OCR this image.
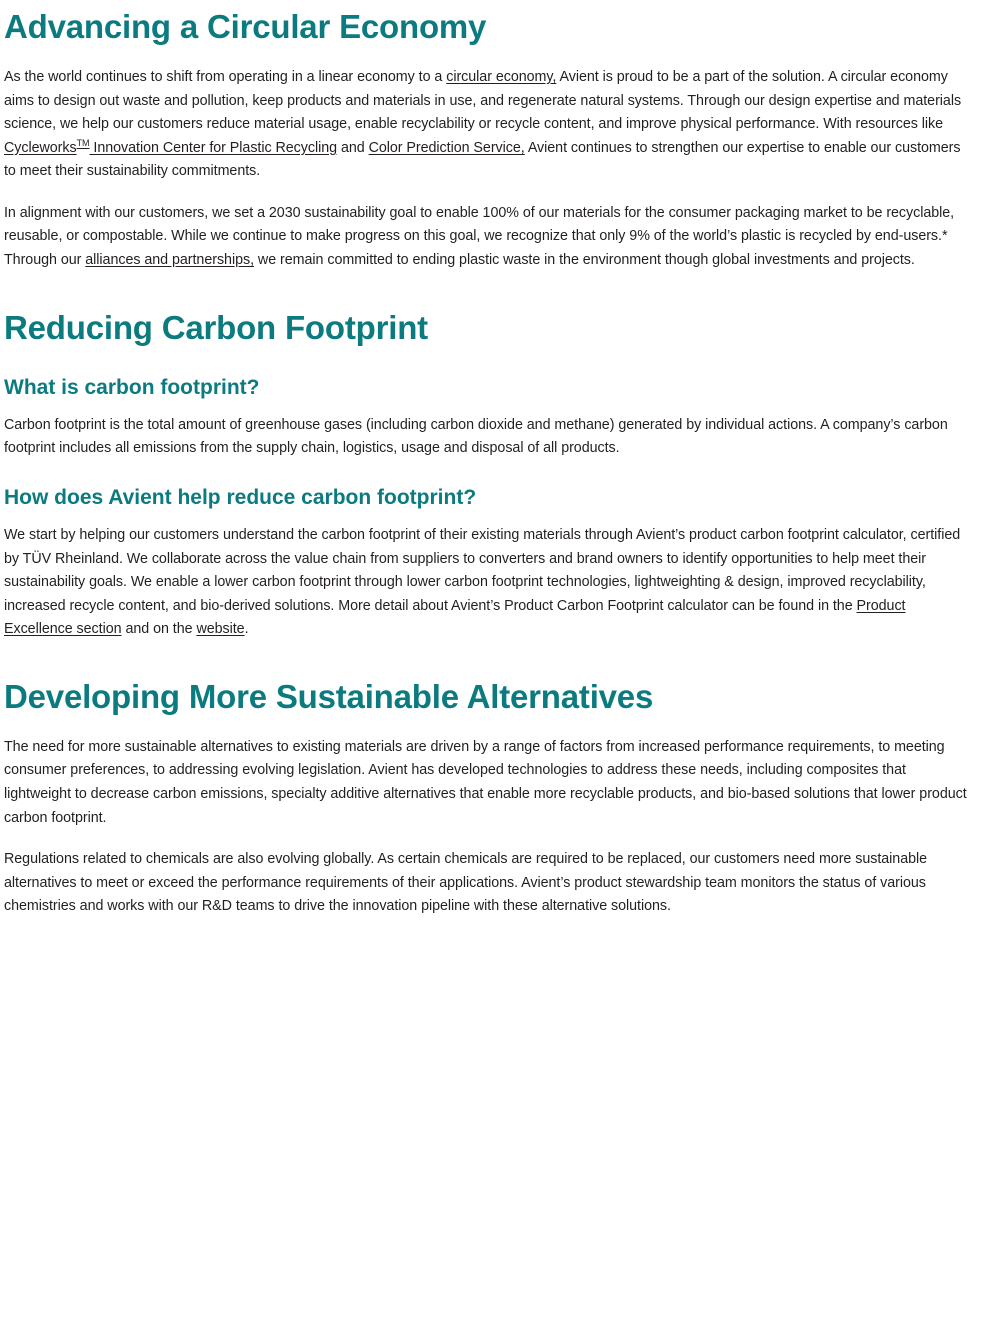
Advancing a Circular Economy

As the world continues to shift from operating in a linear economy to a circular economy, Avient is proud to be a part of the solution. A circular economy aims to design out waste and pollution, keep products and materials in use, and regenerate natural systems. Through our design expertise and materials science, we help our customers reduce material usage, enable recyclability or recycle content, and improve physical performance. With resources like Cycleworks™ Innovation Center for Plastic Recycling and Color Prediction Service, Avient continues to strengthen our expertise to enable our customers to meet their sustainability commitments.

In alignment with our customers, we set a 2030 sustainability goal to enable 100% of our materials for the consumer packaging market to be recyclable, reusable, or compostable. While we continue to make progress on this goal, we recognize that only 9% of the world’s plastic is recycled by end-users.* Through our alliances and partnerships, we remain committed to ending plastic waste in the environment though global investments and projects.

Reducing Carbon Footprint
What is carbon footprint?

Carbon footprint is the total amount of greenhouse gases (including carbon dioxide and methane) generated by individual actions. A company’s carbon footprint includes all emissions from the supply chain, logistics, usage and disposal of all products.

How does Avient help reduce carbon footprint?

We start by helping our customers understand the carbon footprint of their existing materials through Avient’s product carbon footprint calculator, certified by TÜV Rheinland. We collaborate across the value chain from suppliers to converters and brand owners to identify opportunities to help meet their sustainability goals. We enable a lower carbon footprint through lower carbon footprint technologies, lightweighting & design, improved recyclability, increased recycle content, and bio-derived solutions. More detail about Avient’s Product Carbon Footprint calculator can be found in the Product Excellence section and on the website.

Developing More Sustainable Alternatives

The need for more sustainable alternatives to existing materials are driven by a range of factors from increased performance requirements, to meeting consumer preferences, to addressing evolving legislation. Avient has developed technologies to address these needs, including composites that lightweight to decrease carbon emissions, specialty additive alternatives that enable more recyclable products, and bio-based solutions that lower product carbon footprint.

Regulations related to chemicals are also evolving globally. As certain chemicals are required to be replaced, our customers need more sustainable alternatives to meet or exceed the performance requirements of their applications. Avient’s product stewardship team monitors the status of various chemistries and works with our R&D teams to drive the innovation pipeline with these alternative solutions.
